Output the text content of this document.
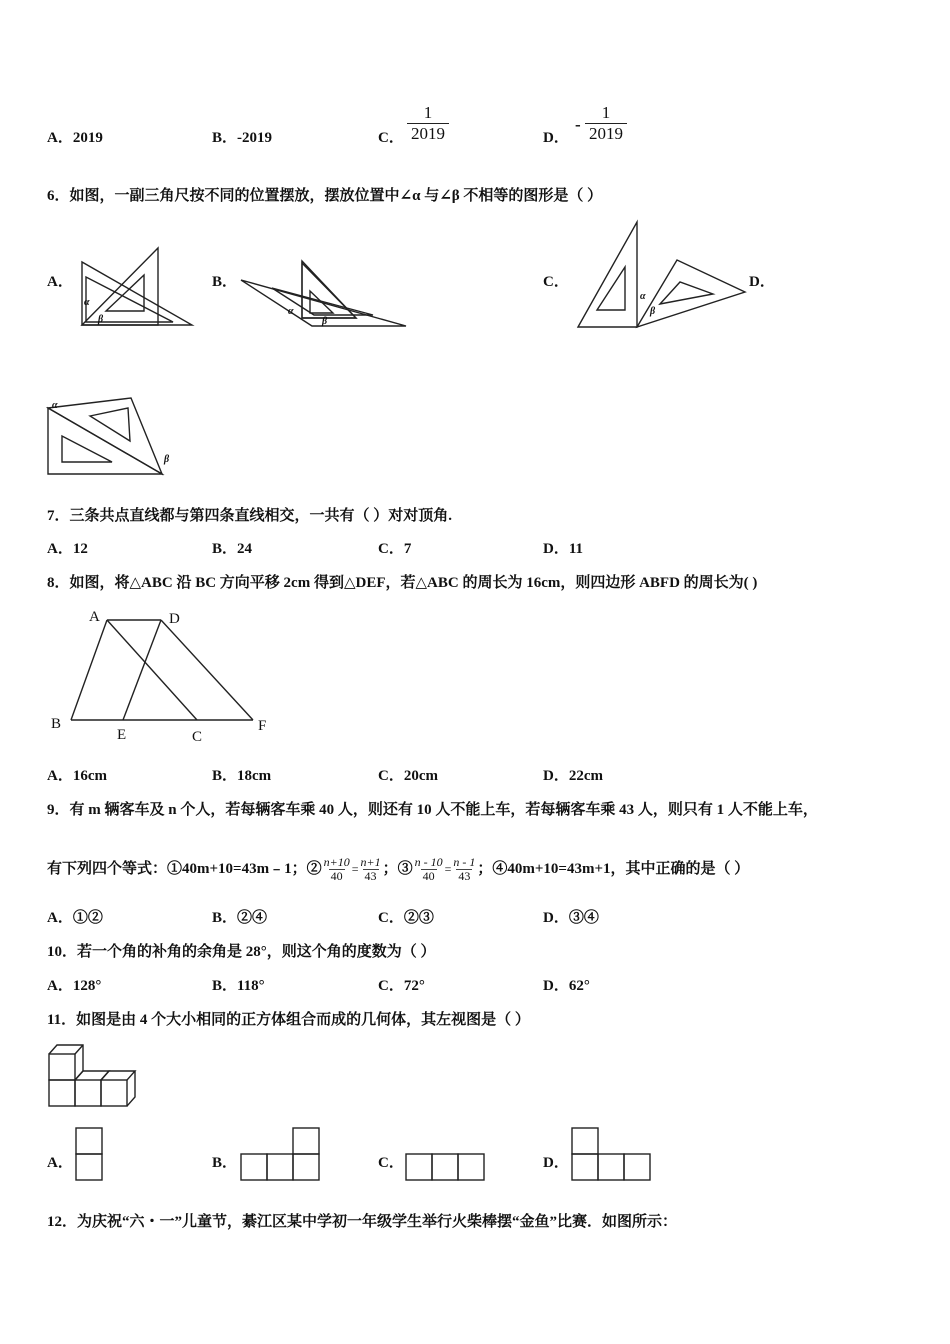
A．2019	B．-2019	C． $\frac{1}{2019}$	D．
- $\frac{1}{2019}$
6．如图，一副三角尺按不同的位置摆放，摆放位置中∠α 与∠β 不相等的图形是（ ）
A．	B．	C．	D．
α
β
α
β
α
β
α
β
7．三条共点直线都与第四条直线相交，一共有（ ）对对顶角.
A．12	B．24	C．7	D．11
8．如图，将△ABC 沿 BC 方向平移 2cm 得到△DEF，若△ABC 的周长为 16cm，则四边形 ABFD 的周长为( )
A	D
B
E	C
F
A．16cm	B．18cm	C．20cm	D．22cm
9．有 m 辆客车及 n 个人，若每辆客车乘 40 人，则还有 10 人不能上车，若每辆客车乘 43 人，则只有 1 人不能上车，
有下列四个等式：①40m+10=43m﹣1；② $\frac{n+10}{40} = \frac{n+1}{43}$ ；③ $\frac{n - 10}{40} = \frac{n - 1}{43}$ ；④40m+10=43m+1，其中正确的是（ ）
A．①②	B．②④	C．②③	D．③④
10．若一个角的补角的余角是 28°，则这个角的度数为（ ）
A．128°	B．118°	C．72°	D．62°
11．如图是由 4 个大小相同的正方体组合而成的几何体，其左视图是（ ）
A．	B．	C．	D．
12．为庆祝“六・一”儿童节，綦江区某中学初一年级学生举行火柴棒摆“金鱼”比赛．如图所示：
